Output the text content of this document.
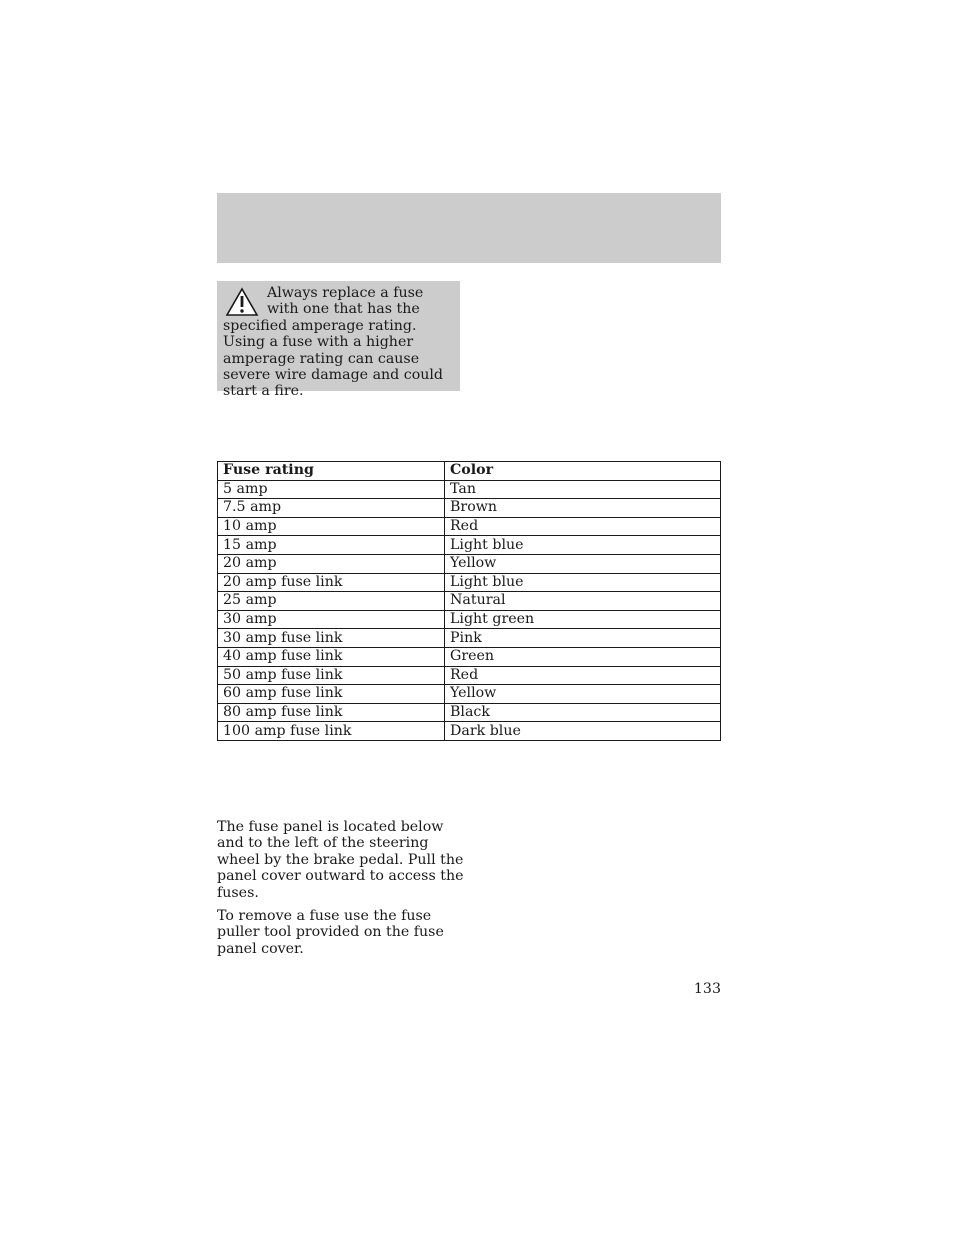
Always replace a fuse with one that has the specified amperage rating. Using a fuse with a higher amperage rating can cause severe wire damage and could start a fire.
Fuse rating	Color
5 amp	Tan
7.5 amp	Brown
10 amp	Red
15 amp	Light blue
20 amp	Yellow
20 amp fuse link	Light blue
25 amp	Natural
30 amp	Light green
30 amp fuse link	Pink
40 amp fuse link	Green
50 amp fuse link	Red
60 amp fuse link	Yellow
80 amp fuse link	Black
100 amp fuse link	Dark blue

The fuse panel is located below and to the left of the steering wheel by the brake pedal. Pull the panel cover outward to access the fuses.

To remove a fuse use the fuse puller tool provided on the fuse panel cover.

133
